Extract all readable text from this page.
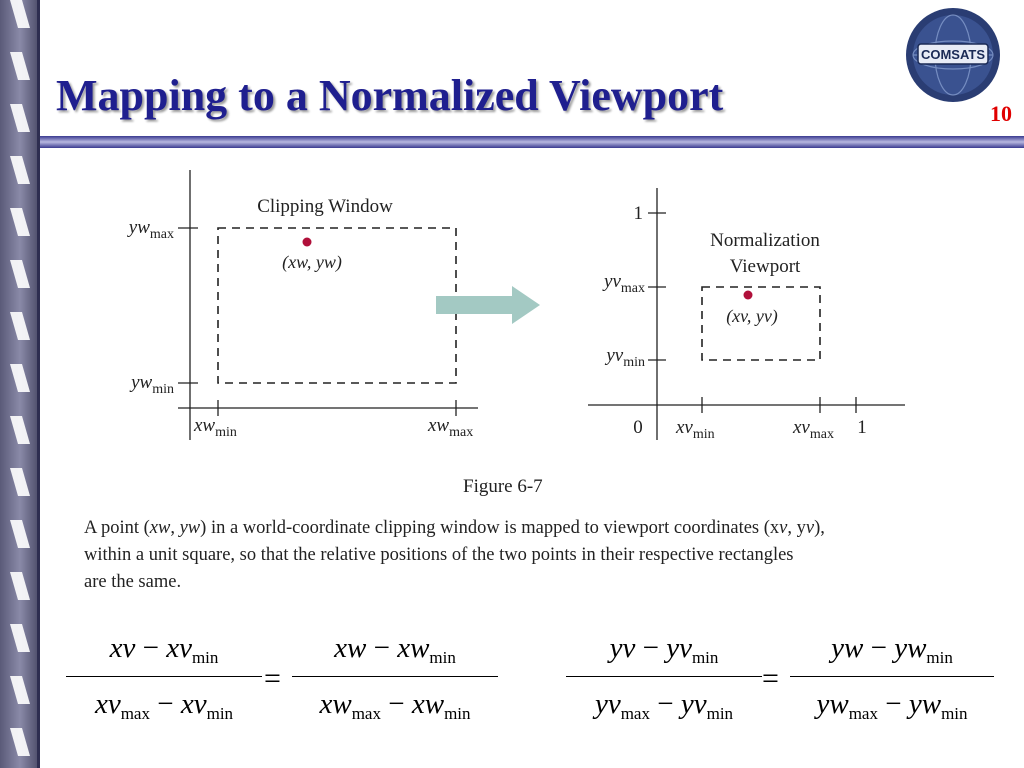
Mapping to a Normalized Viewport	10
COMSATS
Clipping Window
(xw, yw)
$yw_{max}$
$yw_{min}$
$xw_{min}$	$xw_{max}$
Normalization
Viewport
(xv, yv)
1
$yv_{max}$
$yv_{min}$
0 $xv_{min}$	$xv_{max}$ 1
Figure 6-7
A point (xw, yw) in a world-coordinate clipping window is mapped to viewport coordinates (xv, yv),
within a unit square, so that the relative positions of the two points in their respective rectangles
are the same.
xv − $xv_{min}$
$xv_{max} - xv_{min}$
=
xw − $xw_{min}$
$xw_{max} - xw_{min}$
yv − $yv_{min}$
$yv_{max} - yv_{min}$
=
yw − $yw_{min}$
$yw_{max} - yw_{min}$
